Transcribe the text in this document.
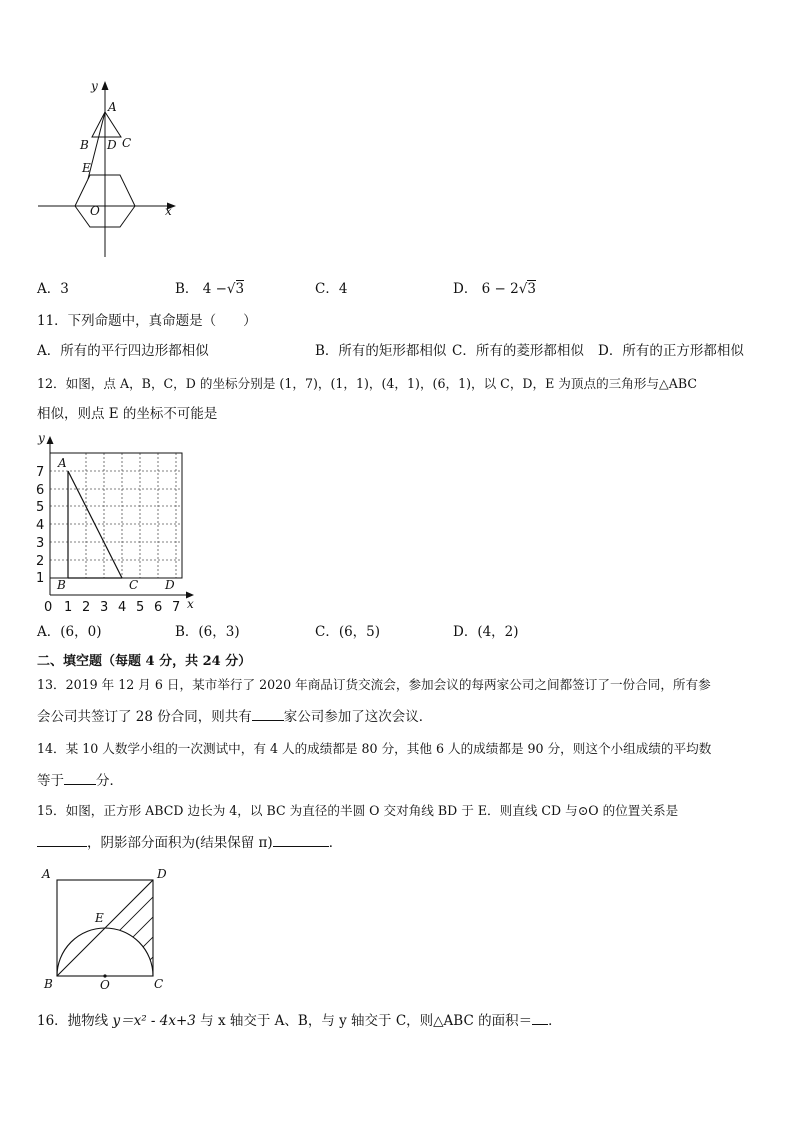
y
x
A
B D C
E
O
A．3	B． 4 −√3	C．4	D． 6 − 2√3
11．下列命题中，真命题是（　　）
A．所有的平行四边形都相似	B．所有的矩形都相似 C．所有的菱形都相似 D．所有的正方形都相似
12．如图，点 A，B，C，D 的坐标分别是 (1，7)，(1，1)，(4，1)，(6，1)，以 C，D，E 为顶点的三角形与△ABC
相似，则点 E 的坐标不可能是
y
x
A
B	C D
7
6
5
4
3
2
1
0 1 2 3 4 5 6 7
A．(6，0)	B．(6，3)	C．(6，5)	D．(4，2)
二、填空题（每题 4 分，共 24 分）
13．2019 年 12 月 6 日，某市举行了 2020 年商品订货交流会，参加会议的每两家公司之间都签订了一份合同，所有参
会公司共签订了 28 份合同，则共有 家公司参加了这次会议．
14．某 10 人数学小组的一次测试中，有 4 人的成绩都是 80 分，其他 6 人的成绩都是 90 分，则这个小组成绩的平均数
等于 分．
15．如图，正方形 ABCD 边长为 4，以 BC 为直径的半圆 O 交对角线 BD 于 E．则直线 CD 与⊙O 的位置关系是
，阴影部分面积为(结果保留 π)	．
A	D
E
B	O	C
16．抛物线 y＝x² - 4x+3 与 x 轴交于 A、B，与 y 轴交于 C，则△ABC 的面积＝ ．
